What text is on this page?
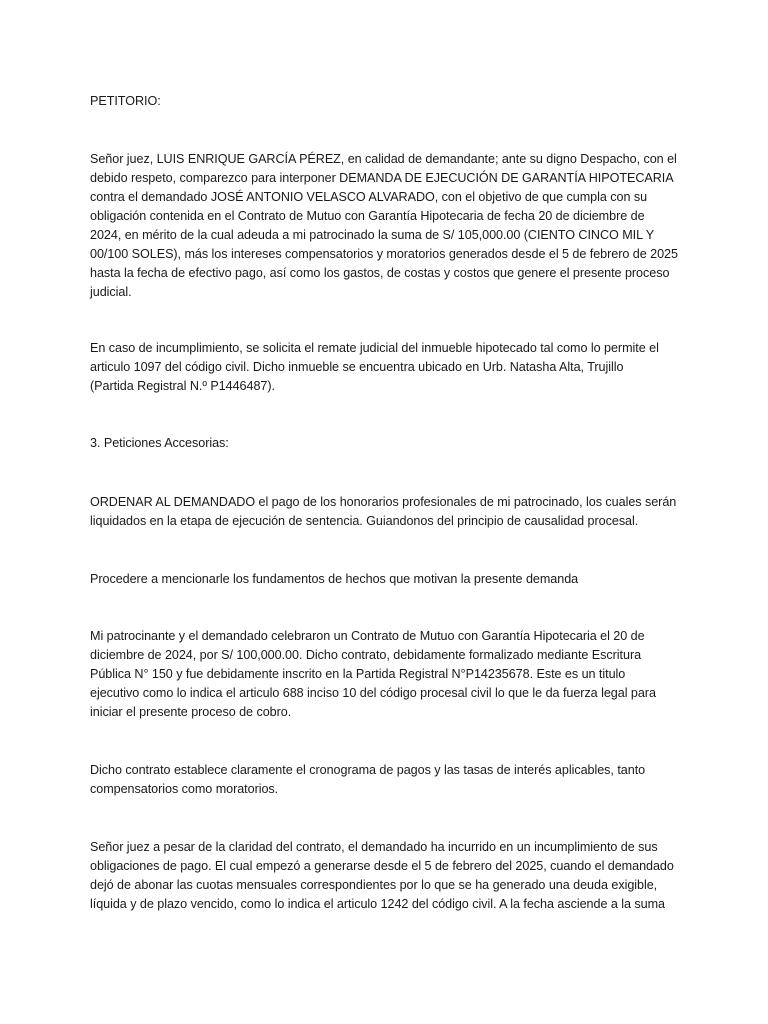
PETITORIO:

Señor juez, LUIS ENRIQUE GARCÍA PÉREZ, en calidad de demandante; ante su digno Despacho, con el
debido respeto, comparezco para interponer DEMANDA DE EJECUCIÓN DE GARANTÍA HIPOTECARIA
contra el demandado JOSÉ ANTONIO VELASCO ALVARADO, con el objetivo de que cumpla con su
obligación contenida en el Contrato de Mutuo con Garantía Hipotecaria de fecha 20 de diciembre de
2024, en mérito de la cual adeuda a mi patrocinado la suma de S/ 105,000.00 (CIENTO CINCO MIL Y
00/100 SOLES), más los intereses compensatorios y moratorios generados desde el 5 de febrero de 2025
hasta la fecha de efectivo pago, así como los gastos, de costas y costos que genere el presente proceso
judicial.

En caso de incumplimiento, se solicita el remate judicial del inmueble hipotecado tal como lo permite el
articulo 1097 del código civil. Dicho inmueble se encuentra ubicado en Urb. Natasha Alta, Trujillo
(Partida Registral N.º P1446487).

3. Peticiones Accesorias:

ORDENAR AL DEMANDADO el pago de los honorarios profesionales de mi patrocinado, los cuales serán
liquidados en la etapa de ejecución de sentencia. Guiandonos del principio de causalidad procesal.

Procedere a mencionarle los fundamentos de hechos que motivan la presente demanda

Mi patrocinante y el demandado celebraron un Contrato de Mutuo con Garantía Hipotecaria el 20 de
diciembre de 2024, por S/ 100,000.00. Dicho contrato, debidamente formalizado mediante Escritura
Pública N° 150 y fue debidamente inscrito en la Partida Registral N°P14235678. Este es un titulo
ejecutivo como lo indica el articulo 688 inciso 10 del código procesal civil lo que le da fuerza legal para
iniciar el presente proceso de cobro.

Dicho contrato establece claramente el cronograma de pagos y las tasas de interés aplicables, tanto
compensatorios como moratorios.

Señor juez a pesar de la claridad del contrato, el demandado ha incurrido en un incumplimiento de sus
obligaciones de pago. El cual empezó a generarse desde el 5 de febrero del 2025, cuando el demandado
dejó de abonar las cuotas mensuales correspondientes por lo que se ha generado una deuda exigible,
líquida y de plazo vencido, como lo indica el articulo 1242 del código civil. A la fecha asciende a la suma
